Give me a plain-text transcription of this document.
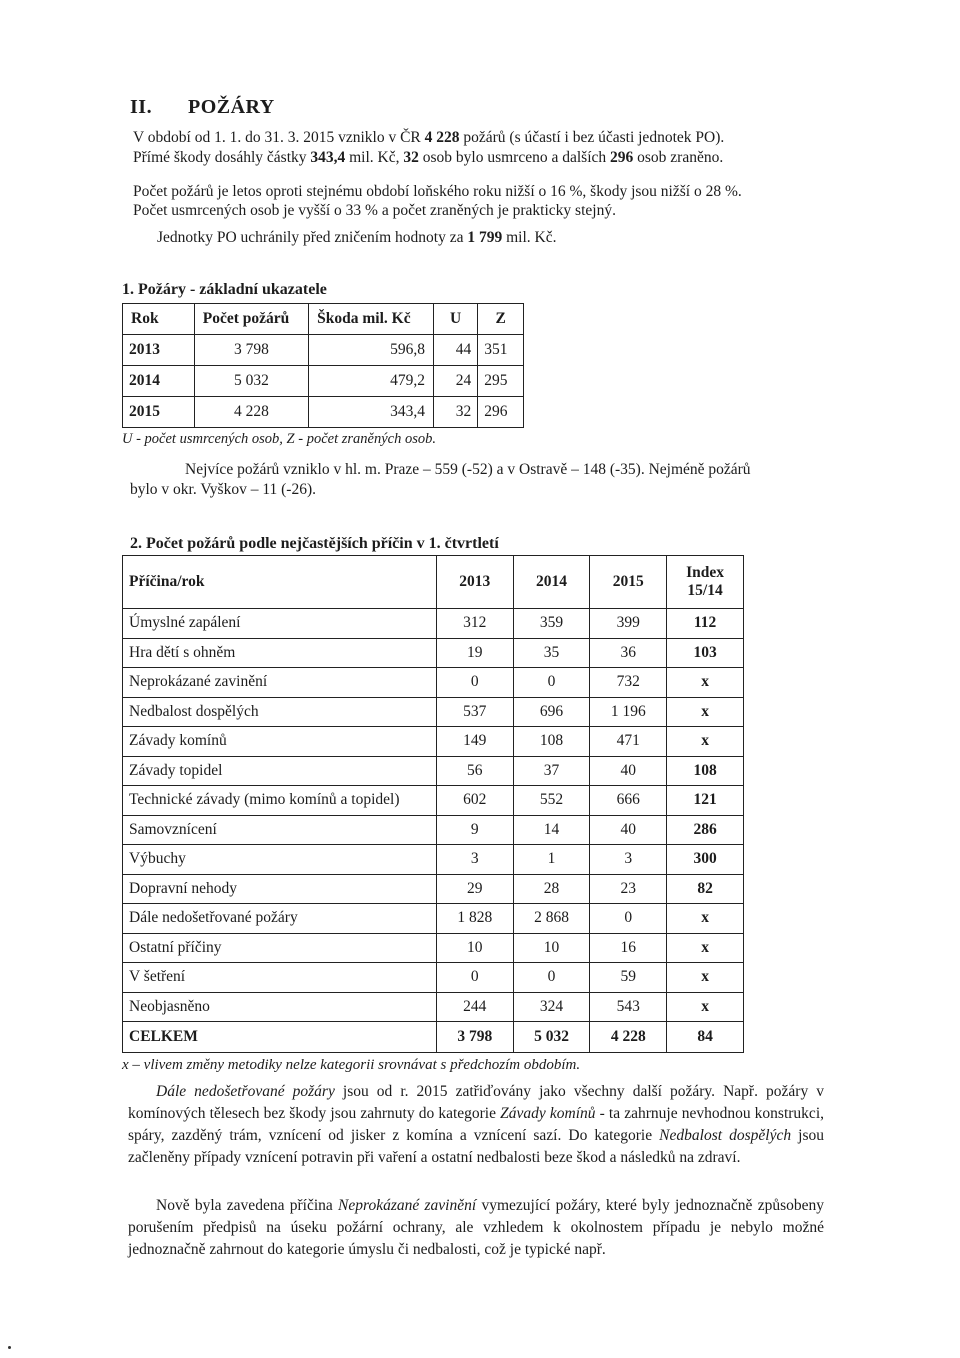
II. POŽÁRY
V období od 1. 1. do 31. 3. 2015 vzniklo v ČR 4 228 požárů (s účastí i bez účasti jednotek PO).
Přímé škody dosáhly částky 343,4 mil. Kč, 32 osob bylo usmrceno a dalších 296 osob zraněno.
Počet požárů je letos oproti stejnému období loňského roku nižší o 16 %, škody jsou nižší o 28 %.
Počet usmrcených osob je vyšší o 33 % a počet zraněných je prakticky stejný.
Jednotky PO uchránily před zničením hodnoty za 1 799 mil. Kč.
1. Požáry - základní ukazatele
Rok	Počet požárů	Škoda mil. Kč	U	Z
2013	3 798	596,8	44	351
2014	5 032	479,2	24	295
2015	4 228	343,4	32	296
U - počet usmrcených osob, Z - počet zraněných osob.
Nejvíce požárů vzniklo v hl. m. Praze – 559 (-52) a v Ostravě – 148 (-35). Nejméně požárů
bylo v okr. Vyškov – 11 (-26).
2. Počet požárů podle nejčastějších příčin v 1. čtvrtletí
Příčina/rok	2013	2014	2015	Index 15/14
Úmyslné zapálení	312	359	399	112
Hra dětí s ohněm	19	35	36	103
Neprokázané zavinění	0	0	732	x
Nedbalost dospělých	537	696	1 196	x
Závady komínů	149	108	471	x
Závady topidel	56	37	40	108
Technické závady (mimo komínů a topidel)	602	552	666	121
Samovznícení	9	14	40	286
Výbuchy	3	1	3	300
Dopravní nehody	29	28	23	82
Dále nedošetřované požáry	1 828	2 868	0	x
Ostatní příčiny	10	10	16	x
V šetření	0	0	59	x
Neobjasněno	244	324	543	x
CELKEM	3 798	5 032	4 228	84
x – vlivem změny metodiky nelze kategorii srovnávat s předchozím obdobím.
Dále nedošetřované požáry jsou od r. 2015 zatřiďovány jako všechny další požáry. Např. požáry v komínových tělesech bez škody jsou zahrnuty do kategorie Závady komínů - ta zahrnuje nevhodnou konstrukci, spáry, zazděný trám, vznícení od jisker z komína a vznícení sazí. Do kategorie Nedbalost dospělých jsou začleněny případy vznícení potravin při vaření a ostatní nedbalosti beze škod a následků na zdraví.
Nově byla zavedena příčina Neprokázané zavinění vymezující požáry, které byly jednoznačně způsobeny porušením předpisů na úseku požární ochrany, ale vzhledem k okolnostem případu je nebylo možné jednoznačně zahrnout do kategorie úmyslu či nedbalosti, což je typické např.
